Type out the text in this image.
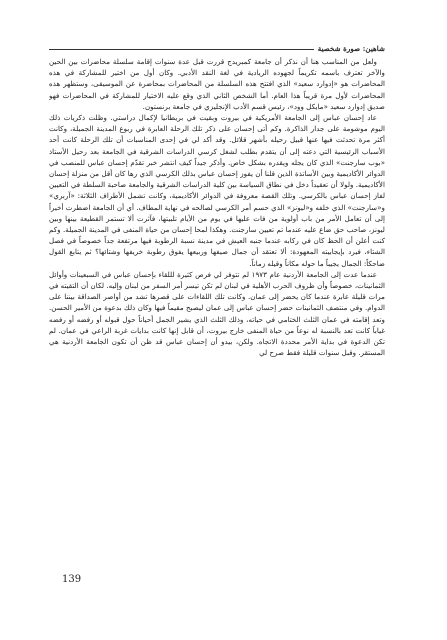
شاهين: صورة شخصية

ولعل من المناسب هنا أن نذكر أن جامعة كمبريدج قررت قبل عدة سنوات إقامة سلسلة محاضرات بين الحين والآخر تعترف باسمه تكريماً لجهوده الريادية في لغة النقد الأدبي. وكان أول من اختير للمشاركة في هذه المحاضرات هو «إدوارد سعيد» الذي افتتح هذه السلسلة من المحاضرات بمحاضرة عن الموسيقى، وستظهر هذه المحاضرات لأول مرة قريباً هذا العام. أما الشخص الثاني الذي وقع عليه الاختيار للمشاركة في المحاضرات فهو صديق إدوارد سعيد «مايكل وود»، رئيس قسم الأدب الإنجليزي في جامعة برنستون.

عاد إحسان عباس إلى الجامعة الأمريكية في بيروت وبقيت في بريطانيا لإكمال دراستي. وظلت ذكريات ذلك اليوم موشومة على جدار الذاكرة. وكم أتى إحسان على ذكر تلك الرحلة العابرة في ربوع المدينة الجميلة، وكانت أكثر مرة تحدثت فيها عنها قبيل رحيله بأشهر قلائل. وقد أكد لي في إحدى المناسبات أن تلك الرحلة كانت أحد الأسباب الرئيسية التي دعته إلى أن يتقدم بطلب لشغل كرسي الدراسات الشرقية في الجامعة بعد رحيل الأستاذ «بوب سارجنت» الذي كان يجله ويقدره بشكل خاص. وأذكر جيداً كيف انتشر خبر تقدّم إحسان عباس للمنصب في الدوائر الأكاديمية وبين الأساتذة الذين قلنا أن يفوز إحسان عباس بذلك الكرسي الذي رها كان أقل من منزلة إحسان الأكاديمية. ولولا أن تعقيداً دخل في نطاق السياسة بين كلية الدراسات الشرقية والجامعة صاحبة السلطة في التعيين لفاز إحسان عباس بالكرسي. وتلك القصة معروفة في الدوائر الأكاديمية، وكانت تشمل الأطراف الثلاثة: «آربري» و«سارجنت» الذي خلفه و«ليونز» الذي حسم أمر الكرسي لصالحه في نهاية المطاف. أي أن الجامعة اضطرت أخيراً إلى أن تعامل الأمر من باب أولوية من فات عليها في يوم من الأيام تلبيتها، فآثرت ألا تستمر القطيعة بينها وبين ليونز، صاحب حق ضاع عليه عندما تم تعيين سارجنت. وهكذا لمحا إحسان من حياة المنفى في المدينة الجميلة. وكم كنت أعلن أن الحظ كان في ركابه عندما جنبه العيش في مدينة نسبة الرطوبة فيها مرتفعة جداً خصوصاً في فصل الشتاء، فيرد بإيجابيته المعهودة: ألا تعتقد أن جمال صيفها وربيعها يفوق رطوبة خريفها وشتائها؟ ثم يتابع القول ضاحكاً: الجمال يجيباً ما حوله مكاناً وقيله زماناً.

عندما عدت إلى الجامعة الأردنية عام ١٩٧٣ لم تتوفر لي فرص كثيرة لللقاء بإحسان عباس في السبعينات وأوائل الثمانينات، خصوصاً وأن ظروف الحرب الأهلية في لبنان لم تكن تيسر أمر السفر من لبنان وإليه. لكان أن التقيته في مرات قليلة عابرة عندما كان يحضر إلى عمان. وكانت تلك اللقاءات على قصرها تشد من أواصر الصداقة بيننا على الدوام. وفي منتصف الثمانينات حضر إحسان عباس إلى عمان ليصبح مقيماً فيها وكان ذلك بدعوة من الأمير الحسن. وتعد إقامته في عمان الثلث الختامي في حياته، وذلك الثلث الذي يشير الجمل أحياناً حول قبوله أو رفضه أو رفضه غياباً كانت تعد بالنسبة له نوعاً من حياة المنفى خارج بيروت، أن قابل إنها كانت بدايات غربة الراعي في عمان. لم تكن الدعوة في بداية الأمر محددة الاتجاه. ولكن، بيدو أن إحسان عباس قد ظن أن تكون الجامعة الأردنية هي المستقر. وقبل سنوات قليلة فقط صرح لي

139
